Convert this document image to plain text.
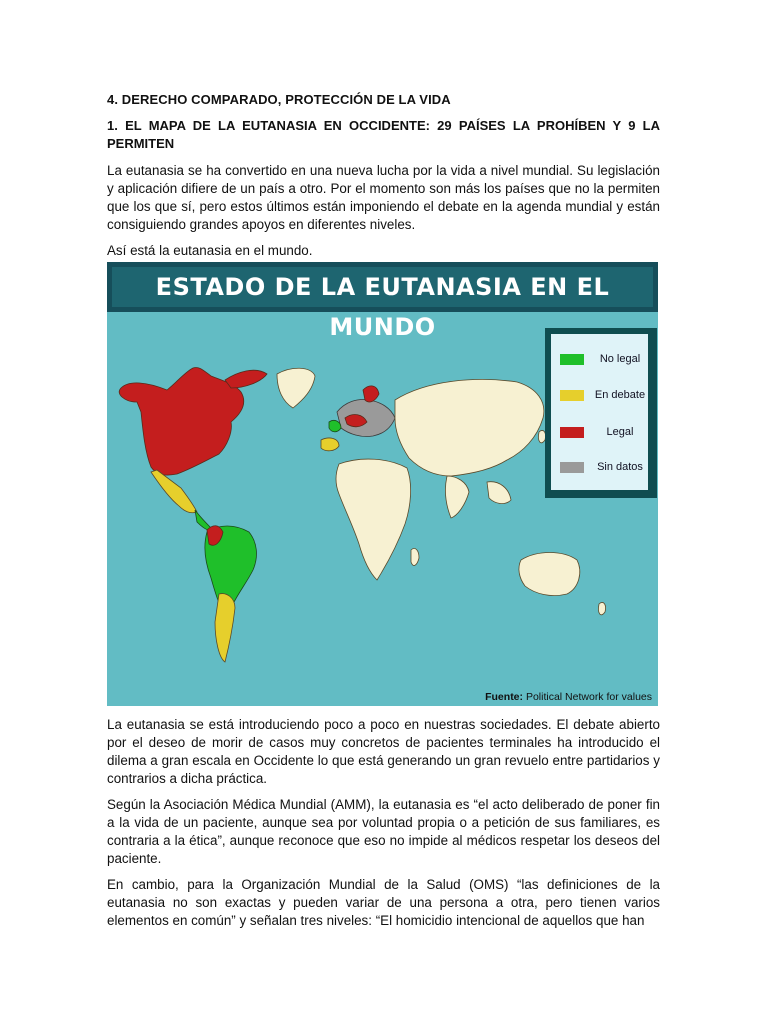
4. DERECHO COMPARADO, PROTECCIÓN DE LA VIDA
1. EL MAPA DE LA EUTANASIA EN OCCIDENTE: 29 PAÍSES LA PROHÍBEN Y 9 LA PERMITEN

La eutanasia se ha convertido en una nueva lucha por la vida a nivel mundial. Su legislación y aplicación difiere de un país a otro. Por el momento son más los países que no la permiten que los que sí, pero estos últimos están imponiendo el debate en la agenda mundial y están consiguiendo grandes apoyos en diferentes niveles.

Así está la eutanasia en el mundo.

ESTADO DE LA EUTANASIA EN EL MUNDO
No legal
En debate
Legal
Sin datos
Fuente: Political Network for values

La eutanasia se está introduciendo poco a poco en nuestras sociedades. El debate abierto por el deseo de morir de casos muy concretos de pacientes terminales ha introducido el dilema a gran escala en Occidente lo que está generando un gran revuelo entre partidarios y contrarios a dicha práctica.

Según la Asociación Médica Mundial (AMM), la eutanasia es “el acto deliberado de poner fin a la vida de un paciente, aunque sea por voluntad propia o a petición de sus familiares, es contraria a la ética”, aunque reconoce que eso no impide al médicos respetar los deseos del paciente.

En cambio, para la Organización Mundial de la Salud (OMS) “las definiciones de la eutanasia no son exactas y pueden variar de una persona a otra, pero tienen varios elementos en común” y señalan tres niveles: “El homicidio intencional de aquellos que han
